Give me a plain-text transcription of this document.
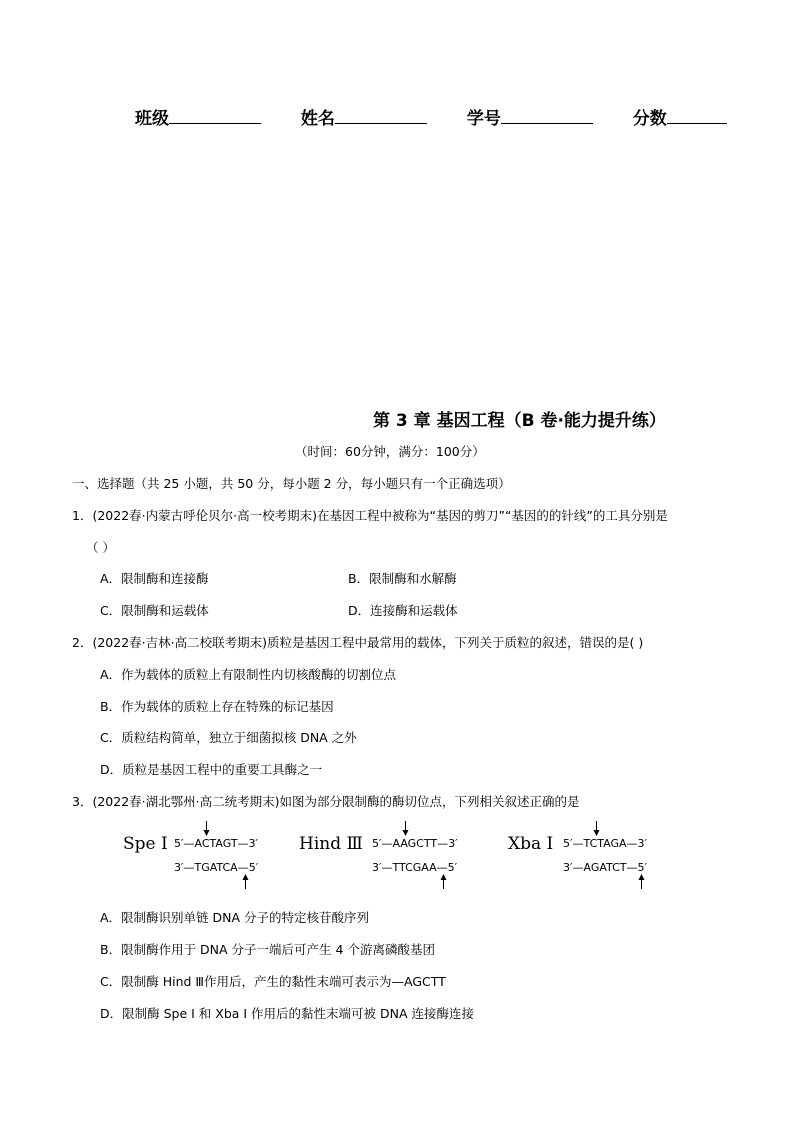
班级	姓名	学号	分数
第 3 章 基因工程（B 卷·能力提升练）
（时间：60分钟，满分：100分）
一、选择题（共 25 小题，共 50 分，每小题 2 分，每小题只有一个正确选项）
1．(2022春·内蒙古呼伦贝尔·高一校考期末)在基因工程中被称为“基因的剪刀”“基因的的针线”的工具分别是
（ ）
A．限制酶和连接酶	B．限制酶和水解酶
C．限制酶和运载体	D．连接酶和运载体
2．(2022春·吉林·高二校联考期末)质粒是基因工程中最常用的载体，下列关于质粒的叙述，错误的是( )
A．作为载体的质粒上有限制性内切核酸酶的切割位点
B．作为载体的质粒上存在特殊的标记基因
C．质粒结构简单，独立于细菌拟核 DNA 之外
D．质粒是基因工程中的重要工具酶之一
3．(2022春·湖北鄂州·高二统考期末)如图为部分限制酶的酶切位点，下列相关叙述正确的是
Spe Ⅰ 5′—ACTAGT—3′
3′—TGATCA—5′
Hind Ⅲ 5′—AAGCTT—3′
3′—TTCGAA—5′
Xba Ⅰ 5′—TCTAGA—3′
3′—AGATCT—5′
A．限制酶识别单链 DNA 分子的特定核苷酸序列
B．限制酶作用于 DNA 分子一端后可产生 4 个游离磷酸基团
C．限制酶 Hind Ⅲ作用后，产生的黏性末端可表示为—AGCTT
D．限制酶 Spe I 和 Xba I 作用后的黏性末端可被 DNA 连接酶连接
